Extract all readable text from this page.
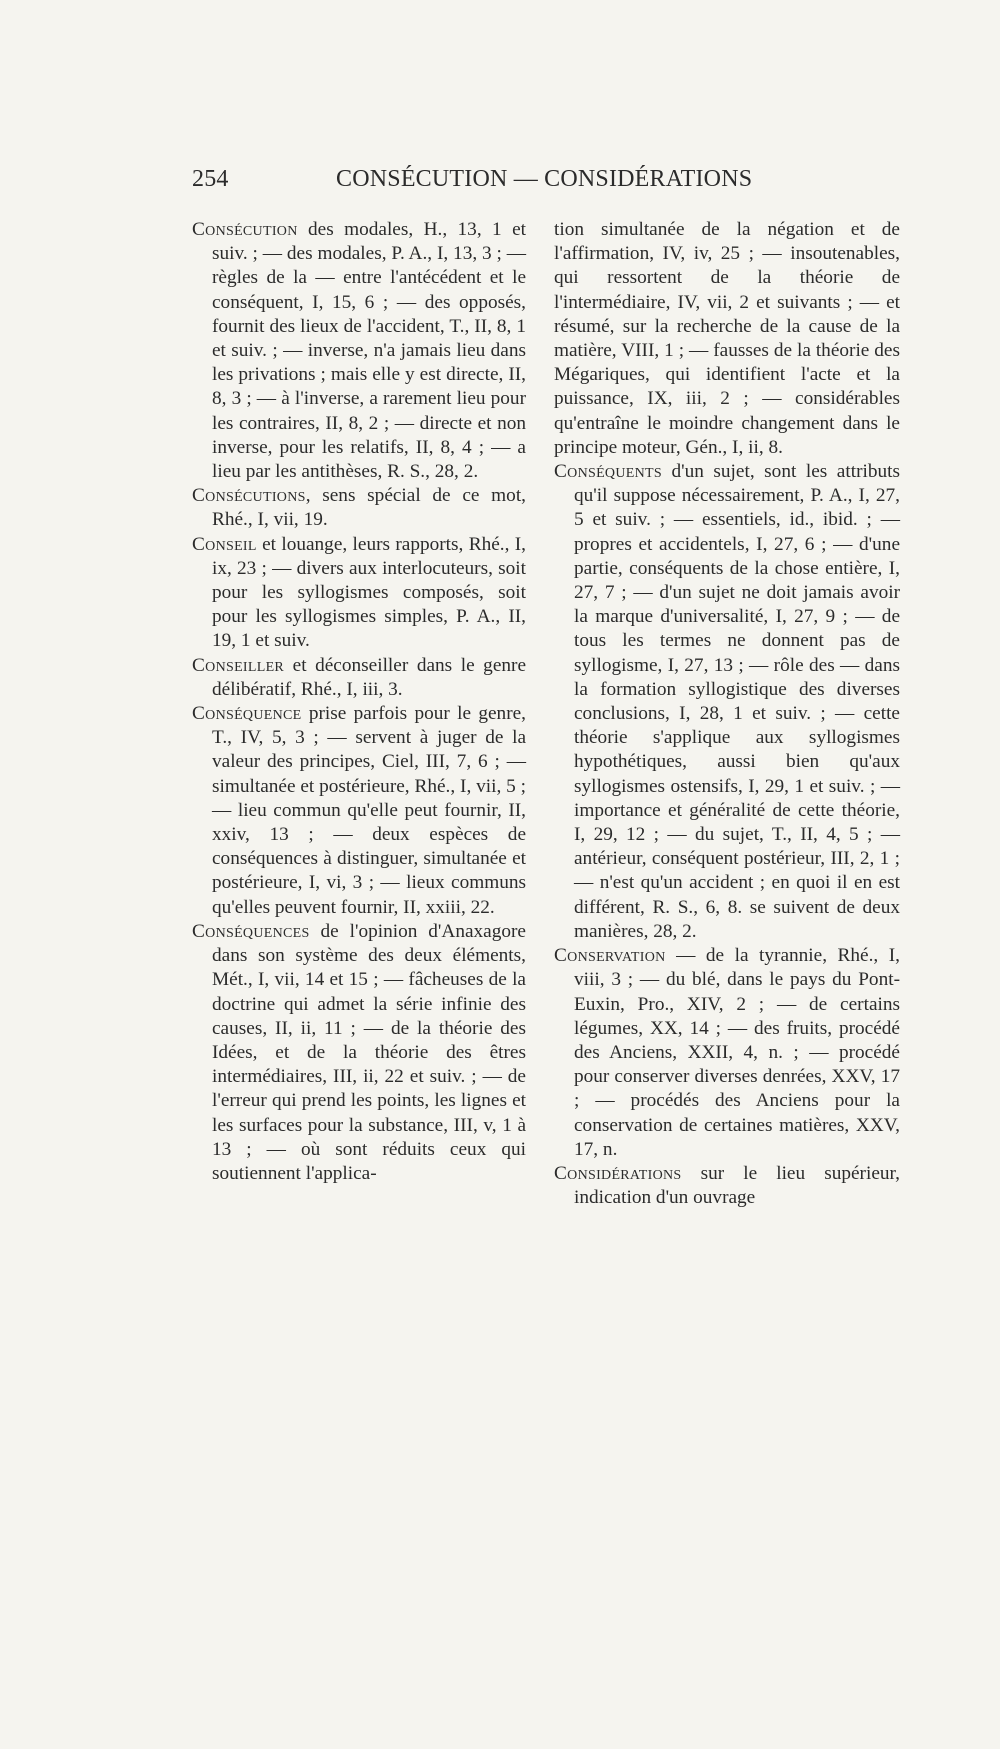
254	CONSÉCUTION — CONSIDÉRATIONS

Consécution des modales, H., 13, 1 et suiv. ; — des modales, P. A., I, 13, 3 ; — règles de la — entre l'antécédent et le conséquent, I, 15, 6 ; — des opposés, fournit des lieux de l'accident, T., II, 8, 1 et suiv. ; — inverse, n'a jamais lieu dans les privations ; mais elle y est directe, II, 8, 3 ; — à l'inverse, a rarement lieu pour les contraires, II, 8, 2 ; — directe et non inverse, pour les relatifs, II, 8, 4 ; — a lieu par les antithèses, R. S., 28, 2.

Consécutions, sens spécial de ce mot, Rhé., I, vii, 19.

Conseil et louange, leurs rapports, Rhé., I, ix, 23 ; — divers aux interlocuteurs, soit pour les syllogismes composés, soit pour les syllogismes simples, P. A., II, 19, 1 et suiv.

Conseiller et déconseiller dans le genre délibératif, Rhé., I, iii, 3.

Conséquence prise parfois pour le genre, T., IV, 5, 3 ; — servent à juger de la valeur des principes, Ciel, III, 7, 6 ; — simultanée et postérieure, Rhé., I, vii, 5 ; — lieu commun qu'elle peut fournir, II, xxiv, 13 ; — deux espèces de conséquences à distinguer, simultanée et postérieure, I, vi, 3 ; — lieux communs qu'elles peuvent fournir, II, xxiii, 22.

Conséquences de l'opinion d'Anaxagore dans son système des deux éléments, Mét., I, vii, 14 et 15 ; — fâcheuses de la doctrine qui admet la série infinie des causes, II, ii, 11 ; — de la théorie des Idées, et de la théorie des êtres intermédiaires, III, ii, 22 et suiv. ; — de l'erreur qui prend les points, les lignes et les surfaces pour la substance, III, v, 1 à 13 ; — où sont réduits ceux qui soutiennent l'applica-

tion simultanée de la négation et de l'affirmation, IV, iv, 25 ; — insoutenables, qui ressortent de la théorie de l'intermédiaire, IV, vii, 2 et suivants ; — et résumé, sur la recherche de la cause de la matière, VIII, 1 ; — fausses de la théorie des Mégariques, qui identifient l'acte et la puissance, IX, iii, 2 ; — considérables qu'entraîne le moindre changement dans le principe moteur, Gén., I, ii, 8.

Conséquents d'un sujet, sont les attributs qu'il suppose nécessairement, P. A., I, 27, 5 et suiv. ; — essentiels, id., ibid. ; — propres et accidentels, I, 27, 6 ; — d'une partie, conséquents de la chose entière, I, 27, 7 ; — d'un sujet ne doit jamais avoir la marque d'universalité, I, 27, 9 ; — de tous les termes ne donnent pas de syllogisme, I, 27, 13 ; — rôle des — dans la formation syllogistique des diverses conclusions, I, 28, 1 et suiv. ; — cette théorie s'applique aux syllogismes hypothétiques, aussi bien qu'aux syllogismes ostensifs, I, 29, 1 et suiv. ; — importance et généralité de cette théorie, I, 29, 12 ; — du sujet, T., II, 4, 5 ; — antérieur, conséquent postérieur, III, 2, 1 ; — n'est qu'un accident ; en quoi il en est différent, R. S., 6, 8. se suivent de deux manières, 28, 2.

Conservation — de la tyrannie, Rhé., I, viii, 3 ; — du blé, dans le pays du Pont-Euxin, Pro., XIV, 2 ; — de certains légumes, XX, 14 ; — des fruits, procédé des Anciens, XXII, 4, n. ; — procédé pour conserver diverses denrées, XXV, 17 ; — procédés des Anciens pour la conservation de certaines matières, XXV, 17, n.

Considérations sur le lieu supérieur, indication d'un ouvrage
